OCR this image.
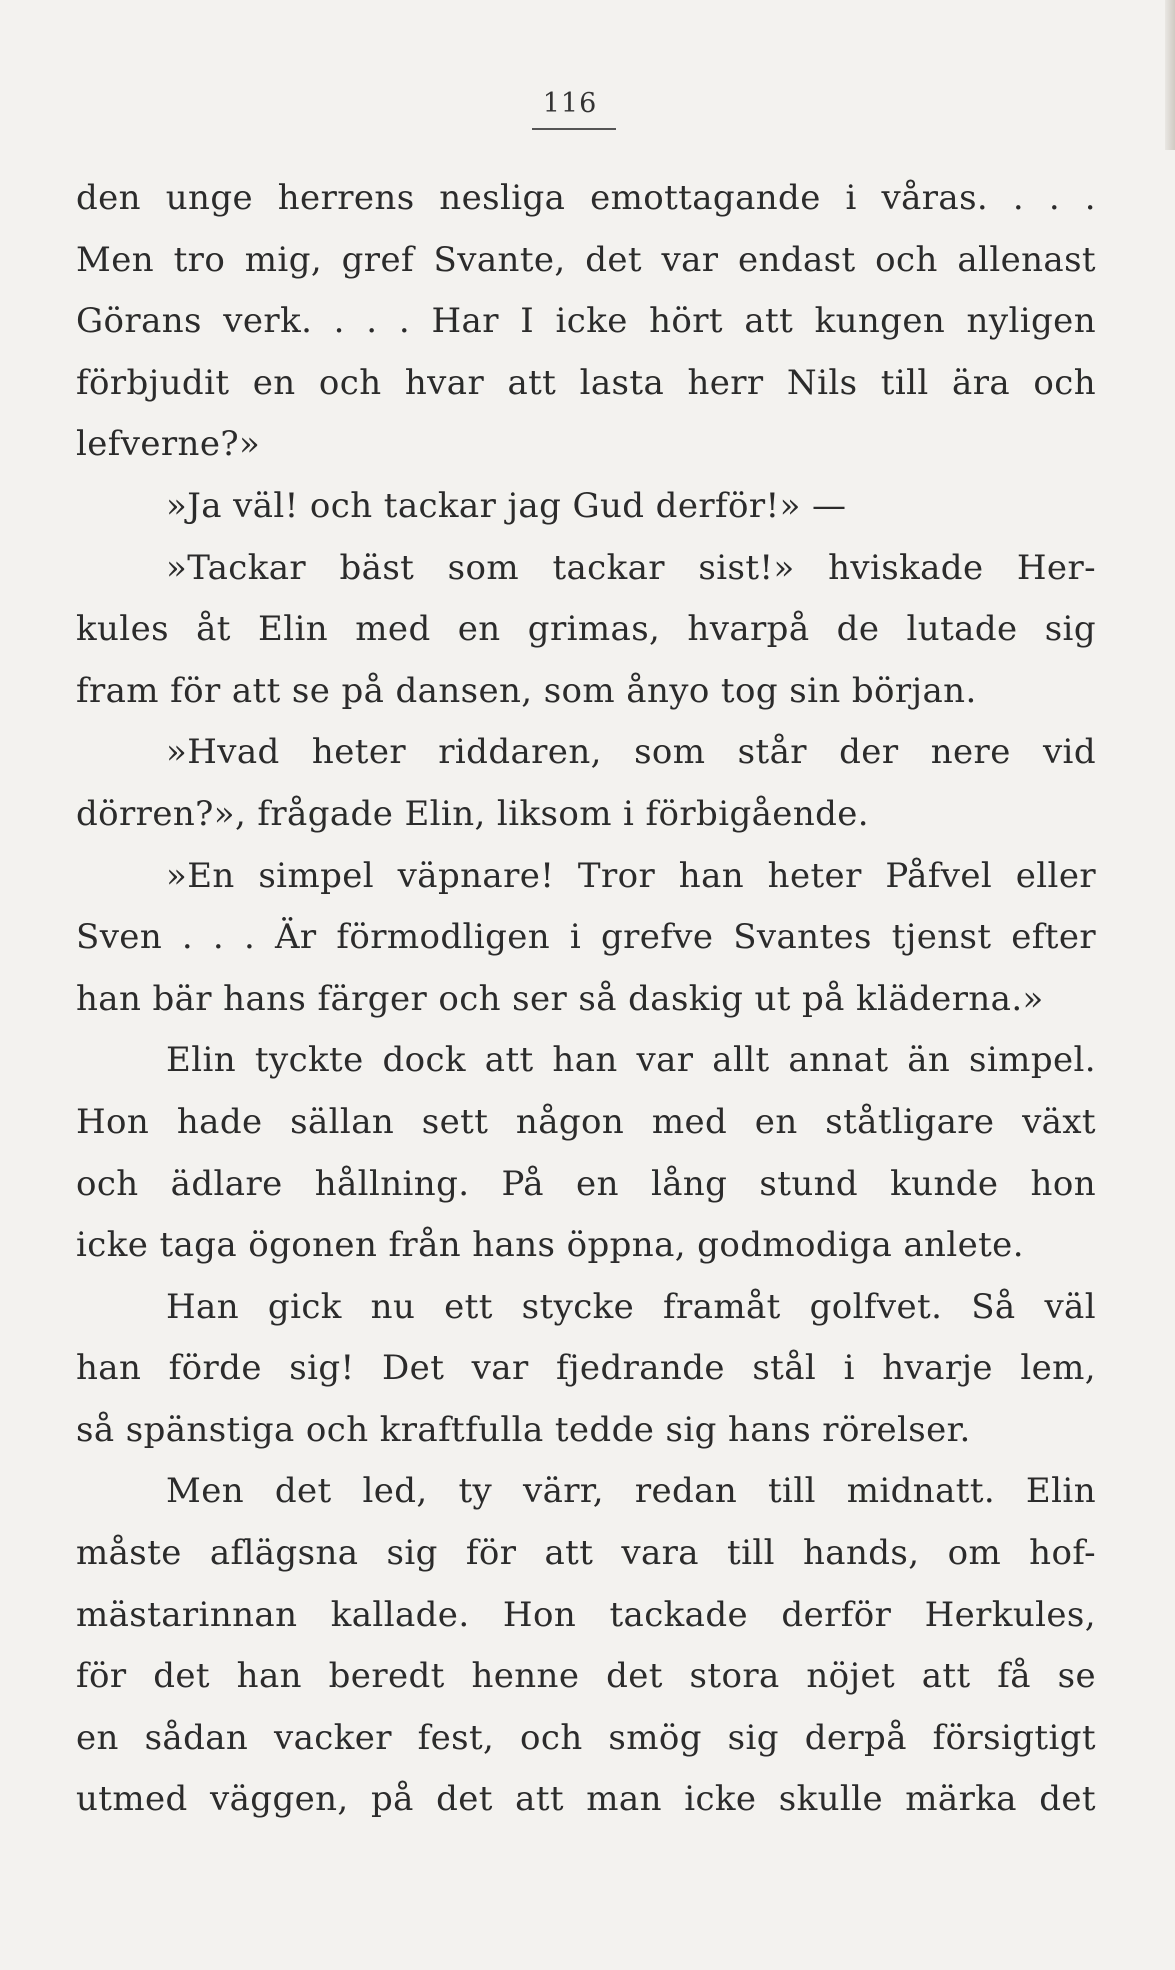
116
den unge herrens nesliga emottagande i våras. . . .
Men tro mig, gref Svante, det var endast och allenast
Görans verk. . . . Har I icke hört att kungen nyligen
förbjudit en och hvar att lasta herr Nils till ära och
lefverne?»
»Ja väl! och tackar jag Gud derför!» —
»Tackar bäst som tackar sist!» hviskade Her-
kules åt Elin med en grimas, hvarpå de lutade sig
fram för att se på dansen, som ånyo tog sin början.
»Hvad heter riddaren, som står der nere vid
dörren?», frågade Elin, liksom i förbigående.
»En simpel väpnare! Tror han heter Påfvel eller
Sven . . . Är förmodligen i grefve Svantes tjenst efter
han bär hans färger och ser så daskig ut på kläderna.»
Elin tyckte dock att han var allt annat än simpel.
Hon hade sällan sett någon med en ståtligare växt
och ädlare hållning. På en lång stund kunde hon
icke taga ögonen från hans öppna, godmodiga anlete.
Han gick nu ett stycke framåt golfvet. Så väl
han förde sig! Det var fjedrande stål i hvarje lem,
så spänstiga och kraftfulla tedde sig hans rörelser.
Men det led, ty värr, redan till midnatt. Elin
måste aflägsna sig för att vara till hands, om hof-
mästarinnan kallade. Hon tackade derför Herkules,
för det han beredt henne det stora nöjet att få se
en sådan vacker fest, och smög sig derpå försigtigt
utmed väggen, på det att man icke skulle märka det
